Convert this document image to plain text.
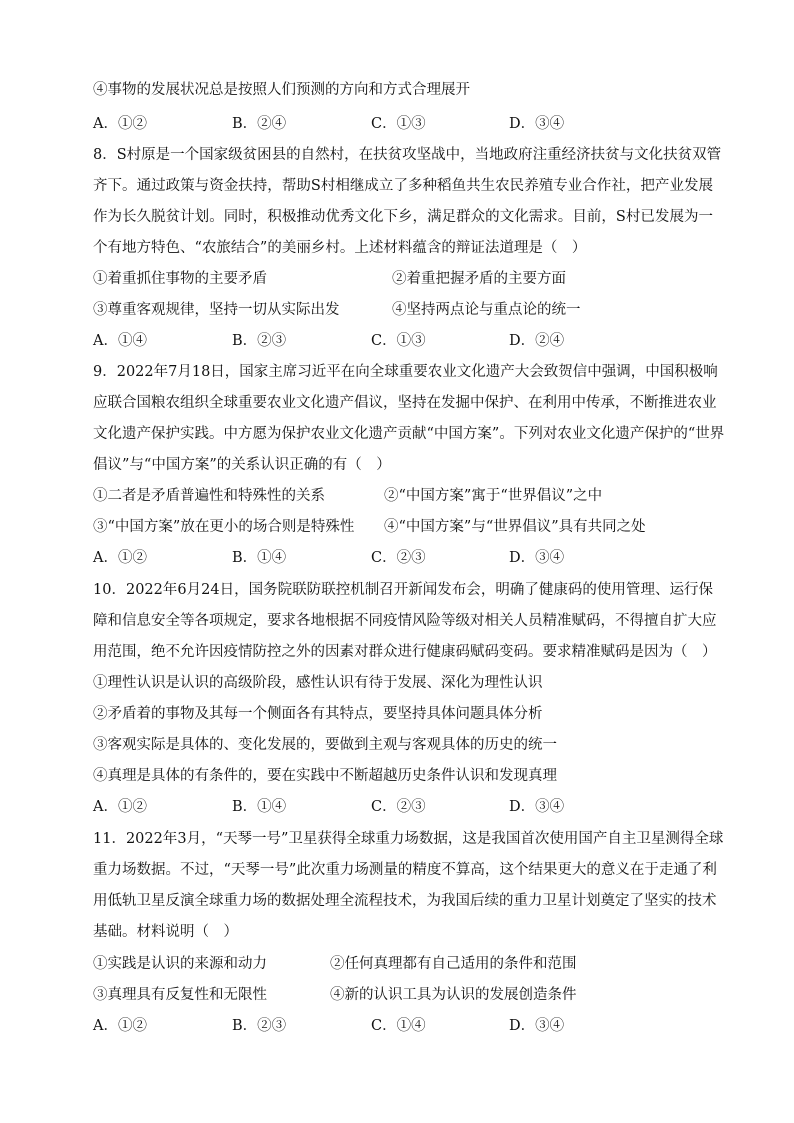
④事物的发展状况总是按照人们预测的方向和方式合理展开
A．①②	B．②④	C．①③	D．③④
8．S村原是一个国家级贫困县的自然村，在扶贫攻坚战中，当地政府注重经济扶贫与文化扶贫双管
齐下。通过政策与资金扶持，帮助S村相继成立了多种稻鱼共生农民养殖专业合作社，把产业发展
作为长久脱贫计划。同时，积极推动优秀文化下乡，满足群众的文化需求。目前，S村已发展为一
个有地方特色、“农旅结合”的美丽乡村。上述材料蕴含的辩证法道理是（　）
①着重抓住事物的主要矛盾	②着重把握矛盾的主要方面
③尊重客观规律，坚持一切从实际出发	④坚持两点论与重点论的统一
A．①④	B．②③	C．①③	D．②④
9．2022年7月18日，国家主席习近平在向全球重要农业文化遗产大会致贺信中强调，中国积极响
应联合国粮农组织全球重要农业文化遗产倡议，坚持在发掘中保护、在利用中传承，不断推进农业
文化遗产保护实践。中方愿为保护农业文化遗产贡献“中国方案”。下列对农业文化遗产保护的“世界
倡议”与“中国方案”的关系认识正确的有（　）
①二者是矛盾普遍性和特殊性的关系	②“中国方案”寓于“世界倡议”之中
③“中国方案”放在更小的场合则是特殊性 ④“中国方案”与“世界倡议”具有共同之处
A．①②	B．①④	C．②③	D．③④
10．2022年6月24日，国务院联防联控机制召开新闻发布会，明确了健康码的使用管理、运行保
障和信息安全等各项规定，要求各地根据不同疫情风险等级对相关人员精准赋码，不得擅自扩大应
用范围，绝不允许因疫情防控之外的因素对群众进行健康码赋码变码。要求精准赋码是因为（　）
①理性认识是认识的高级阶段，感性认识有待于发展、深化为理性认识
②矛盾着的事物及其每一个侧面各有其特点，要坚持具体问题具体分析
③客观实际是具体的、变化发展的，要做到主观与客观具体的历史的统一
④真理是具体的有条件的，要在实践中不断超越历史条件认识和发现真理
A．①②	B．①④	C．②③	D．③④
11．2022年3月，“天琴一号”卫星获得全球重力场数据，这是我国首次使用国产自主卫星测得全球
重力场数据。不过，“天琴一号”此次重力场测量的精度不算高，这个结果更大的意义在于走通了利
用低轨卫星反演全球重力场的数据处理全流程技术，为我国后续的重力卫星计划奠定了坚实的技术
基础。材料说明（　）
①实践是认识的来源和动力	②任何真理都有自己适用的条件和范围
③真理具有反复性和无限性	④新的认识工具为认识的发展创造条件
A．①②	B．②③	C．①④	D．③④
